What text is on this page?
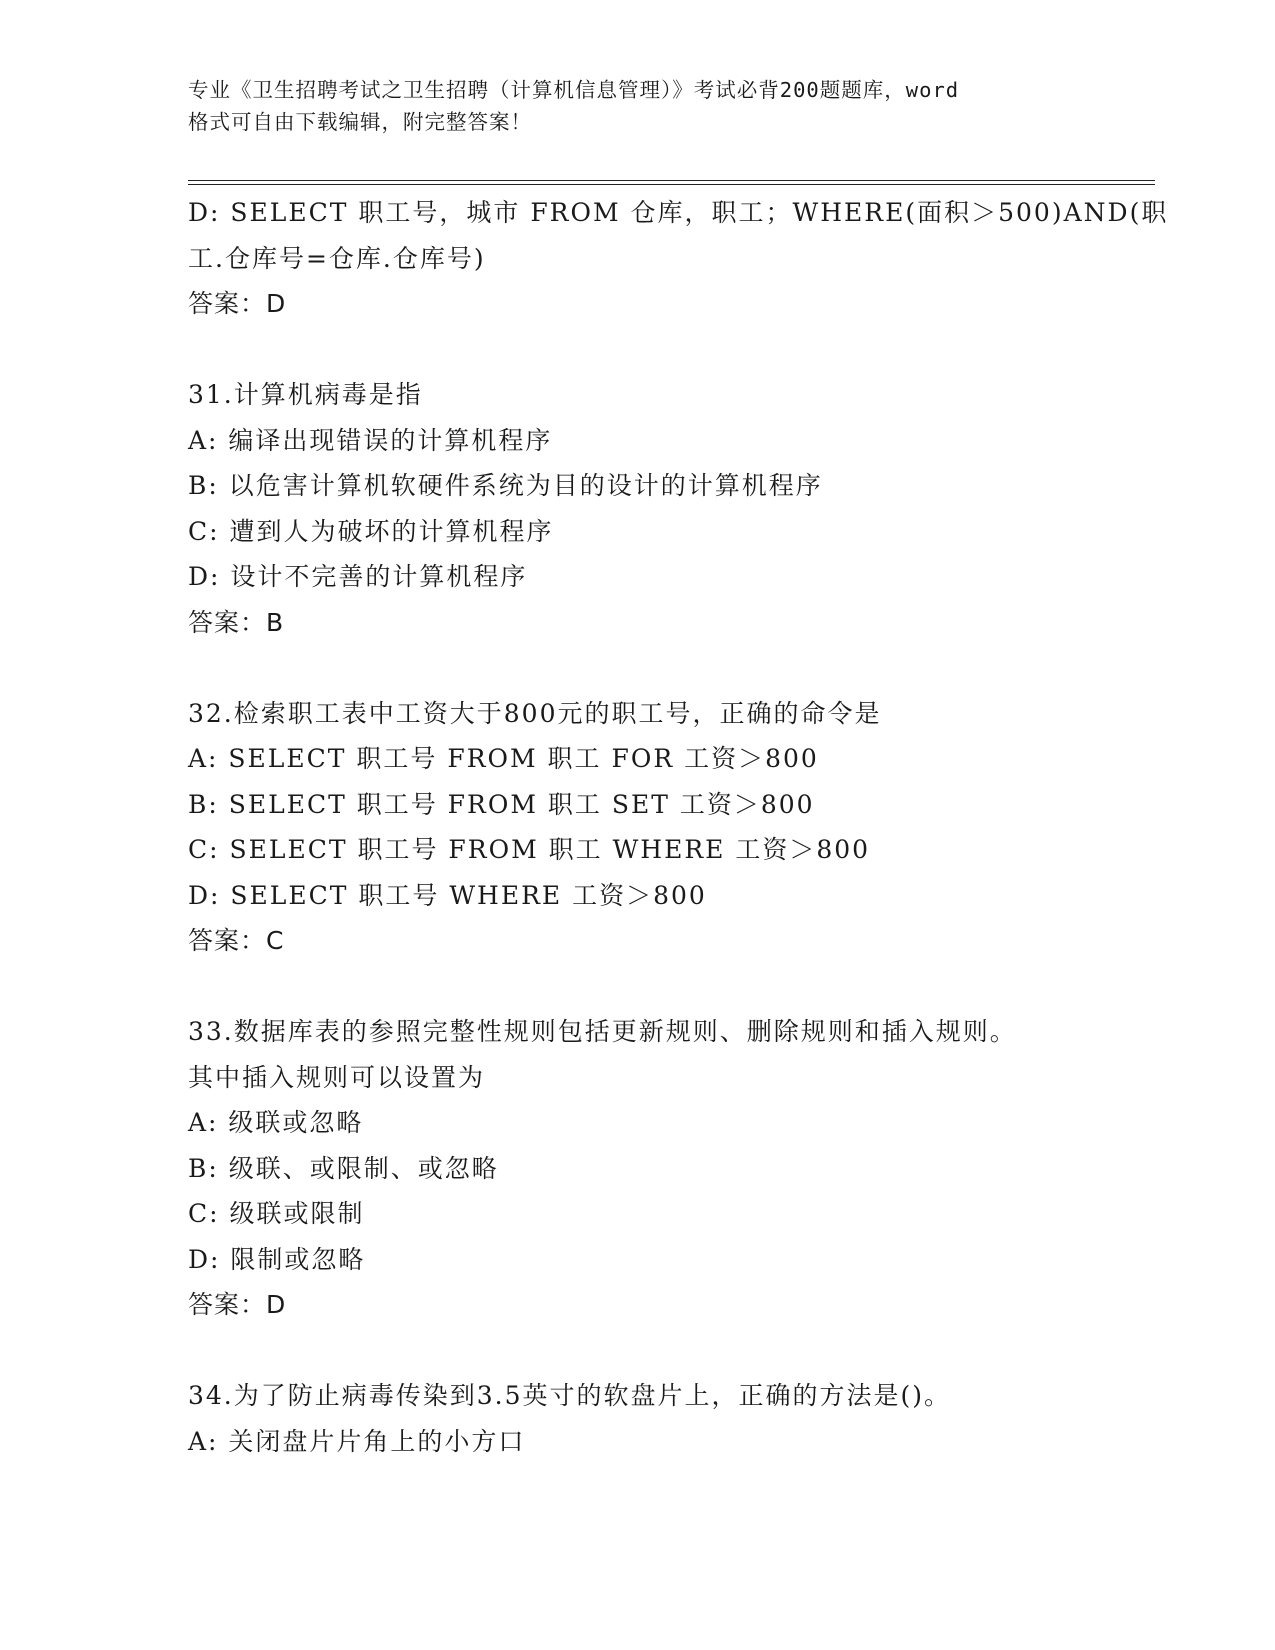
专业《卫生招聘考试之卫生招聘（计算机信息管理）》考试必背200题题库，word
格式可自由下载编辑，附完整答案！
D: SELECT 职工号，城市 FROM 仓库，职工；WHERE(面积＞500)AND(职
工.仓库号=仓库.仓库号)
答案：D
31.计算机病毒是指
A: 编译出现错误的计算机程序
B: 以危害计算机软硬件系统为目的设计的计算机程序
C: 遭到人为破坏的计算机程序
D: 设计不完善的计算机程序
答案：B
32.检索职工表中工资大于800元的职工号，正确的命令是
A: SELECT 职工号 FROM 职工 FOR 工资＞800
B: SELECT 职工号 FROM 职工 SET 工资＞800
C: SELECT 职工号 FROM 职工 WHERE 工资＞800
D: SELECT 职工号 WHERE 工资＞800
答案：C
33.数据库表的参照完整性规则包括更新规则、删除规则和插入规则。
其中插入规则可以设置为
A: 级联或忽略
B: 级联、或限制、或忽略
C: 级联或限制
D: 限制或忽略
答案：D
34.为了防止病毒传染到3.5英寸的软盘片上，正确的方法是()。
A: 关闭盘片片角上的小方口
